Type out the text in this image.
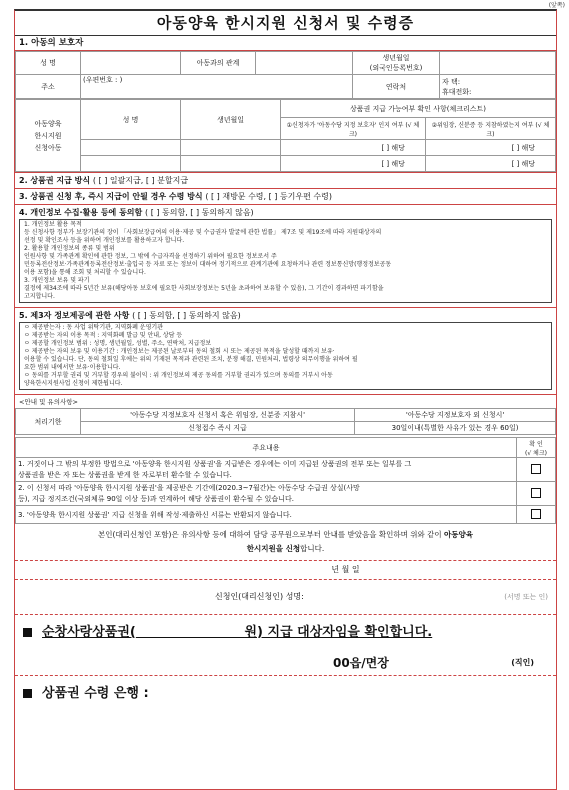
(앞쪽)
아동양육 한시지원 신청서 및 수령증
1. 아동의 보호자
성 명		아동과의 관계		생년월일
(외국인등록번호)	

주소	(우편번호 : )			연락처	자 택:
휴대전화:
아동양육
한시지원
신청아동	성 명	생년월일	상품권 지급 가능여부 확인 사항(체크리스트)	
			①신청자가 '아동수당 지정 보호자' 인지 여부 (√ 체크)	②위임장, 신분증 등 지참하였는지 여부 (√ 체크)
			[ ] 해당	[ ] 해당
			[ ] 해당	[ ] 해당
2. 상품권 지급 방식 ( [ ] 일괄지급, [ ] 분할지급
3. 상품권 신청 후, 즉시 지급이 안될 경우 수령 방식 ( [ ] 재방문 수령, [ ] 등기우편 수령)
4. 개인정보 수집·활용 등에 동의함 ( [ ] 동의함, [ ] 동의하지 않음)
1. 개인정보 활용 목적
등 신청사항 정부가 보장기관의 장이 「사회보장급여의 이용·제공 및 수급권자 발굴에 관한 법률」 제7조 및 제19조에 따라 지원대상자의
선정 및 확인조사 등을 위하여 개인정보를 활용하고자 합니다.
2. 활용할 개인정보의 종류 및 범위
인원사항 및 가족관계 확인에 관한 정보, 그 밖에 수급자격을 선정하기 위하여 필요한 정보로서 주
민등록전산정보·가족관계등록전산정보·출입국 등 자료 또는 정보이 대하여 정기적으로 관계기관에 요청하거나 관련 정보통신망(행정정보공동
이용 포함)을 통해 조회 및 처리할 수 있습니다.
3. 개인정보 보유 및 파기
결정에 제34조에 따라 5년간 보유(해당아동 보호에 필요한 사회보장정보는 5년을 초과하여 보유할 수 있음), 그 기간이 경과하면 파기함을
고지합니다.
5. 제3자 정보제공에 관한 사항 ( [ ] 동의함, [ ] 동의하지 않음)
ㅇ 제공받는자 : 동 사업 위탁기관, 지역화폐 운영기관
ㅇ 제공받는 자의 이용 목적 : 지역화폐 발급 및 안내, 상담 등
ㅇ 제공할 개인정보 범위 : 성명, 생년월일, 성별, 주소, 연락처, 지급정보
ㅇ 제공받는 자의 보유 및 이용기간 : 개인정보는 제공된 날로부터 동의 철회 시 또는 제공된 목적을 달성할 때까지 보유·
이용할 수 있습니다. 단, 동의 철회일 후에는 위의 기재된 목적과 관련된 조치, 분쟁 해결, 민원처리, 법령상 의무이행을 위하여 필
요한 범위 내에서만 보유·이용합니다.
ㅇ 동의를 거부할 권리 및 거부할 경우의 불이익 : 위 개인정보의 제공 동의를 거부할 권리가 있으며 동의를 거부시 아동
양육한시지원사업 신청이 제한됩니다.
<안내 및 유의사항>
처리기한	'아동수당 지정보호자 신청서 혹은 위임장, 신분증 지참시'	'아동수당 지정보호자 외 신청시'
	신청접수 즉시 지급	30일이내(특별한 사유가 있는 경우 60일)
주요내용	확 인
(√ 체크)

1. 거짓이나 그 밖의 부정한 방법으로 '아동양육 한시지원 상품권'을 지급받은 경우에는 이미 지급된 상품권의 전부 또는 일부를 그
상품권을 받은 자 또는 상품권을 받게 한 자로부터 환수할 수 있습니다.	

2. 이 신청서 따라 '아동양육 한시지원 상품권'을 제공받은 기간에(2020.3~7월간)는 아동수당 수급권 상실(사망
등), 지급 정지조건(국외체류 90일 이상 등)과 연계하여 해당 상품권이 환수될 수 있습니다.	

3. '아동양육 한시지원 상품권' 지급 신청을 위해 작성·제출하신 서류는 반환되지 않습니다.	
본인(대리신청인 포함)은 유의사항 등에 대하여 담당 공무원으로부터 안내를 받았음을 확인하며 위와 같이 아동양육
한시지원을 신청합니다.
년 월 일
신청인(대리신청인) 성명:	(서명 또는 인)
순창사랑상품권(	원) 지급 대상자임을 확인합니다.
00읍/면장	(직인)
상품권 수령 은행 :
